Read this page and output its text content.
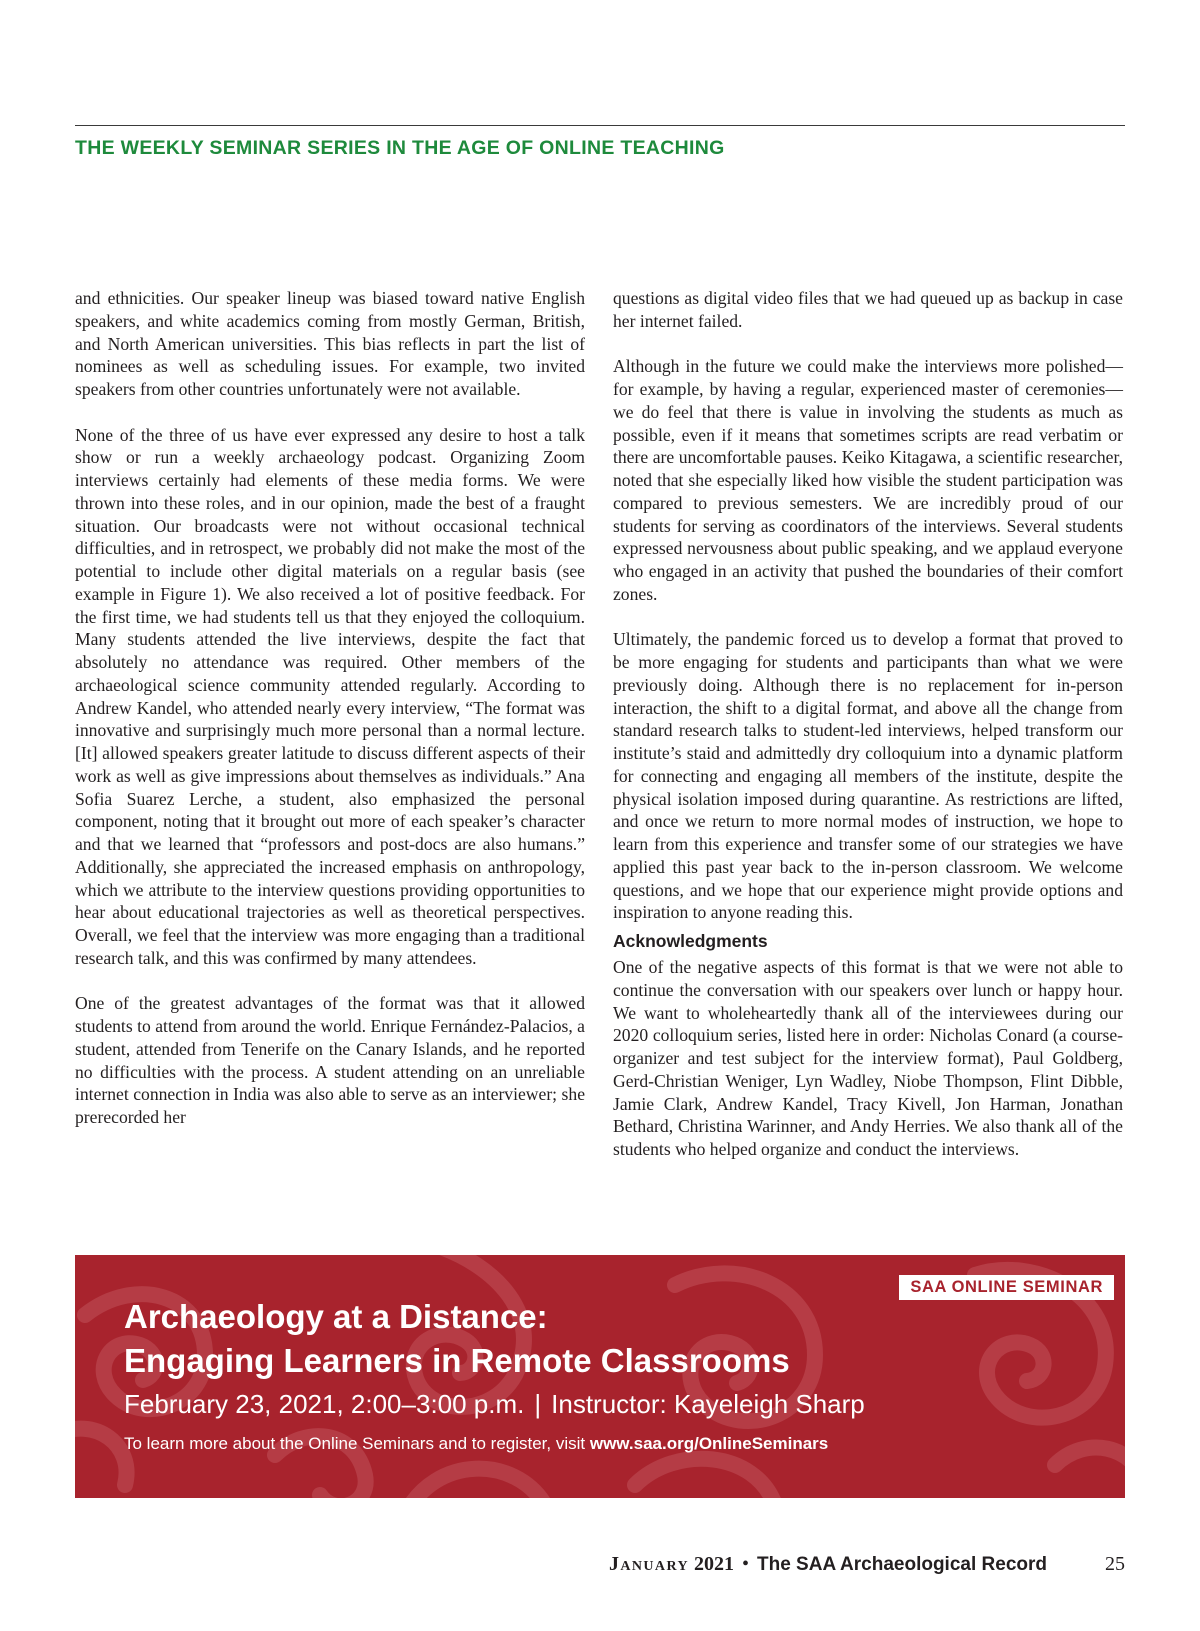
THE WEEKLY SEMINAR SERIES IN THE AGE OF ONLINE TEACHING

and ethnicities. Our speaker lineup was biased toward native English speakers, and white academics coming from mostly German, British, and North American universities. This bias reflects in part the list of nominees as well as scheduling issues. For example, two invited speakers from other countries unfortunately were not available.

None of the three of us have ever expressed any desire to host a talk show or run a weekly archaeology podcast. Organizing Zoom interviews certainly had elements of these media forms. We were thrown into these roles, and in our opinion, made the best of a fraught situation. Our broadcasts were not without occasional technical difficulties, and in retrospect, we probably did not make the most of the potential to include other digital materials on a regular basis (see example in Figure 1). We also received a lot of positive feedback. For the first time, we had students tell us that they enjoyed the colloquium. Many students attended the live interviews, despite the fact that absolutely no attendance was required. Other members of the archaeological science community attended regularly. According to Andrew Kandel, who attended nearly every interview, “The format was innovative and surprisingly much more personal than a normal lecture. [It] allowed speakers greater latitude to discuss different aspects of their work as well as give impressions about themselves as individuals.” Ana Sofia Suarez Lerche, a student, also emphasized the personal component, noting that it brought out more of each speaker’s character and that we learned that “professors and post-docs are also humans.” Additionally, she appreciated the increased emphasis on anthropology, which we attribute to the interview questions providing opportunities to hear about educational trajectories as well as theoretical perspectives. Overall, we feel that the interview was more engaging than a traditional research talk, and this was confirmed by many attendees.

One of the greatest advantages of the format was that it allowed students to attend from around the world. Enrique Fernández-Palacios, a student, attended from Tenerife on the Canary Islands, and he reported no difficulties with the process. A student attending on an unreliable internet connection in India was also able to serve as an interviewer; she prerecorded her

questions as digital video files that we had queued up as backup in case her internet failed.

Although in the future we could make the interviews more polished—for example, by having a regular, experienced master of ceremonies—we do feel that there is value in involving the students as much as possible, even if it means that sometimes scripts are read verbatim or there are uncomfortable pauses. Keiko Kitagawa, a scientific researcher, noted that she especially liked how visible the student participation was compared to previous semesters. We are incredibly proud of our students for serving as coordinators of the interviews. Several students expressed nervousness about public speaking, and we applaud everyone who engaged in an activity that pushed the boundaries of their comfort zones.

Ultimately, the pandemic forced us to develop a format that proved to be more engaging for students and participants than what we were previously doing. Although there is no replacement for in-person interaction, the shift to a digital format, and above all the change from standard research talks to student-led interviews, helped transform our institute’s staid and admittedly dry colloquium into a dynamic platform for connecting and engaging all members of the institute, despite the physical isolation imposed during quarantine. As restrictions are lifted, and once we return to more normal modes of instruction, we hope to learn from this experience and transfer some of our strategies we have applied this past year back to the in-person classroom. We welcome questions, and we hope that our experience might provide options and inspiration to anyone reading this.

Acknowledgments

One of the negative aspects of this format is that we were not able to continue the conversation with our speakers over lunch or happy hour. We want to wholeheartedly thank all of the interviewees during our 2020 colloquium series, listed here in order: Nicholas Conard (a course-organizer and test subject for the interview format), Paul Goldberg, Gerd-Christian Weniger, Lyn Wadley, Niobe Thompson, Flint Dibble, Jamie Clark, Andrew Kandel, Tracy Kivell, Jon Harman, Jonathan Bethard, Christina Warinner, and Andy Herries. We also thank all of the students who helped organize and conduct the interviews.

SAA ONLINE SEMINAR
Archaeology at a Distance:
Engaging Learners in Remote Classrooms
February 23, 2021, 2:00–3:00 p.m. | Instructor: Kayeleigh Sharp
To learn more about the Online Seminars and to register, visit www.saa.org/OnlineSeminars
January 2021 • The SAA Archaeological Record	25
